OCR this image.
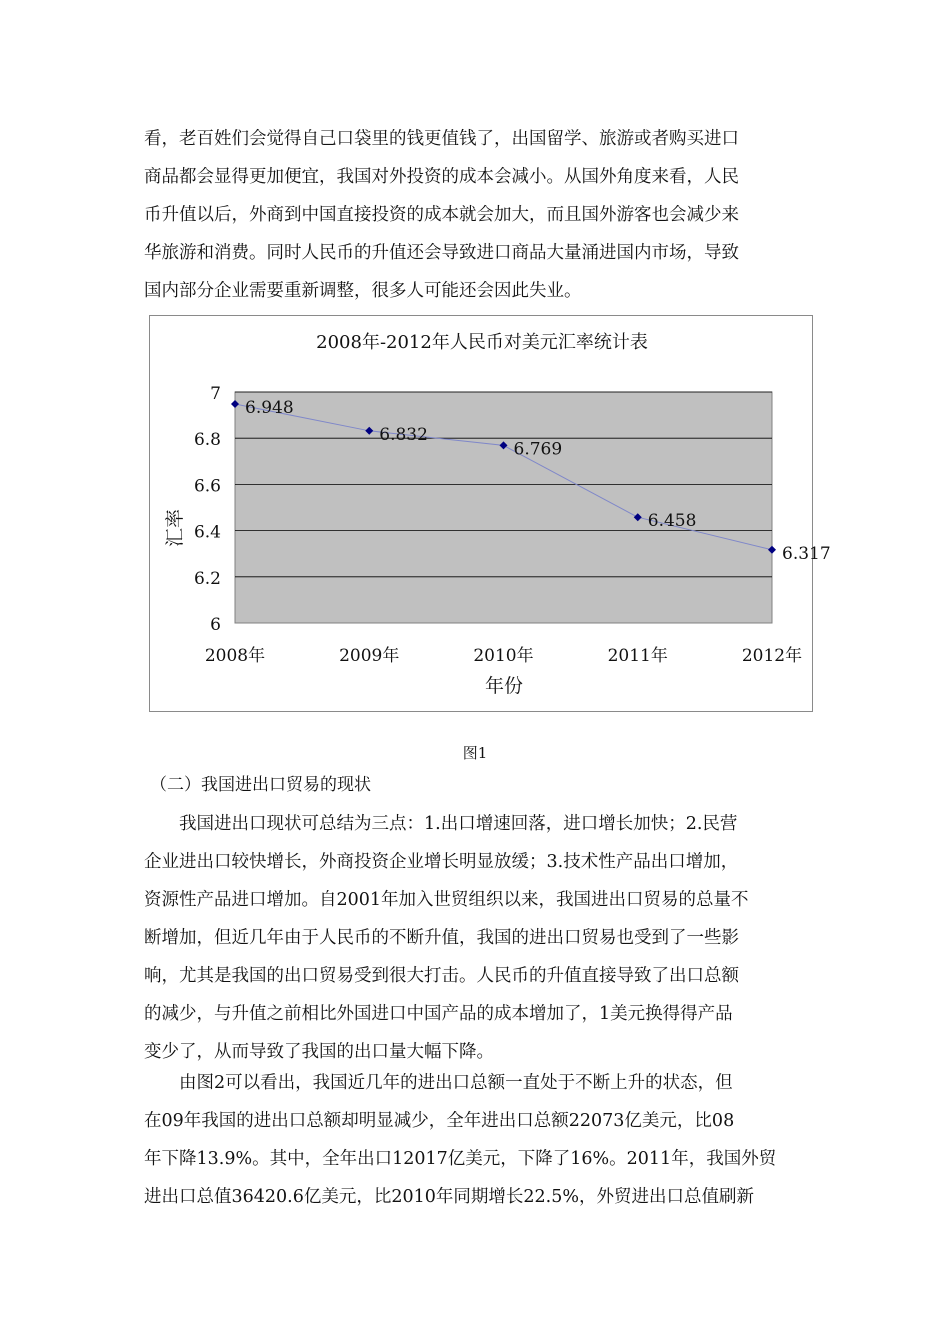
看，老百姓们会觉得自己口袋里的钱更值钱了，出国留学、旅游或者购买进口
商品都会显得更加便宜，我国对外投资的成本会减小。从国外角度来看，人民
币升值以后，外商到中国直接投资的成本就会加大，而且国外游客也会减少来
华旅游和消费。同时人民币的升值还会导致进口商品大量涌进国内市场，导致
国内部分企业需要重新调整，很多人可能还会因此失业。
2008年-2012年人民币对美元汇率统计表
7
6.8
6.6
6.4
6.2
6
2008年	2009年	2010年	2011年	2012年
6.948
6.832
6.769
6.458
6.317
年份
汇率
图1
（二）我国进出口贸易的现状
　　我国进出口现状可总结为三点：1.出口增速回落，进口增长加快；2.民营
企业进出口较快增长，外商投资企业增长明显放缓；3.技术性产品出口增加，
资源性产品进口增加。自2001年加入世贸组织以来，我国进出口贸易的总量不
断增加，但近几年由于人民币的不断升值，我国的进出口贸易也受到了一些影
响，尤其是我国的出口贸易受到很大打击。人民币的升值直接导致了出口总额
的减少，与升值之前相比外国进口中国产品的成本增加了，1美元换得得产品
变少了，从而导致了我国的出口量大幅下降。
　　由图2可以看出，我国近几年的进出口总额一直处于不断上升的状态，但
在09年我国的进出口总额却明显减少，全年进出口总额22073亿美元，比08
年下降13.9%。其中，全年出口12017亿美元，下降了16%。2011年，我国外贸
进出口总值36420.6亿美元，比2010年同期增长22.5%，外贸进出口总值刷新
